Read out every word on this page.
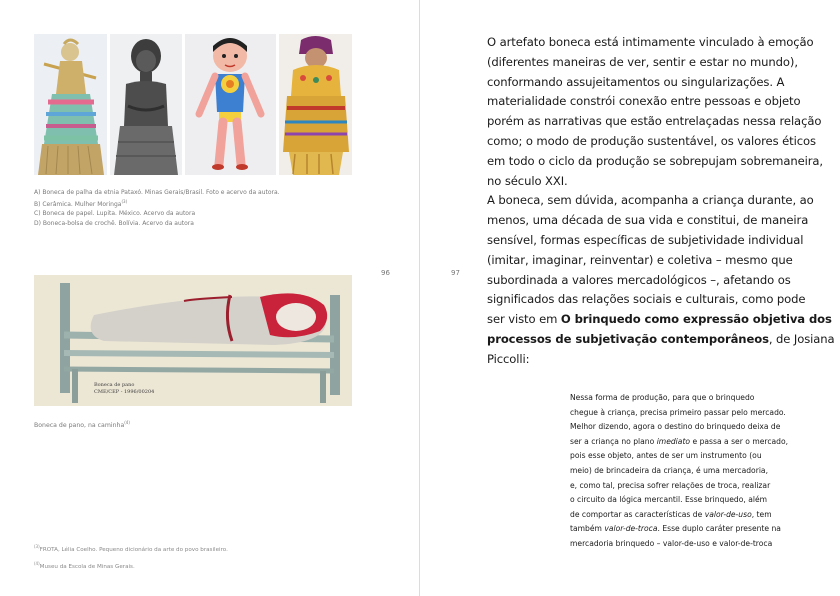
A) Boneca de palha da etnia Pataxó. Minas Gerais/Brasil. Foto e acervo da autora.
B) Cerâmica. Mulher Moringa$^{(3)}$
C) Boneca de papel. Lupita. México. Acervo da autora
D) Boneca-bolsa de crochê. Bolívia. Acervo da autora
Boneca de pano
CME/CEP - 1996/00204
Boneca de pano, na caminha$^{(4)}$
96	97
$^{(3)}$FROTA, Lélia Coelho. Pequeno dicionário da arte do povo brasileiro.
$^{(4)}$Museu da Escola de Minas Gerais.
O artefato boneca está intimamente vinculado à emoção
(diferentes maneiras de ver, sentir e estar no mundo),
conformando assujeitamentos ou singularizações. A
materialidade constrói conexão entre pessoas e objeto
porém as narrativas que estão entrelaçadas nessa relação
como; o modo de produção sustentável, os valores éticos
em todo o ciclo da produção se sobrepujam sobremaneira,
no século XXI.
A boneca, sem dúvida, acompanha a criança durante, ao
menos, uma década de sua vida e constitui, de maneira
sensível, formas específicas de subjetividade individual
(imitar, imaginar, reinventar) e coletiva – mesmo que
subordinada a valores mercadológicos –, afetando os
significados das relações sociais e culturais, como pode
ser visto em O brinquedo como expressão objetiva dos
processos de subjetivação contemporâneos, de Josiana
Piccolli:
Nessa forma de produção, para que o brinquedo
chegue à criança, precisa primeiro passar pelo mercado.
Melhor dizendo, agora o destino do brinquedo deixa de
ser a criança no plano imediato e passa a ser o mercado,
pois esse objeto, antes de ser um instrumento (ou
meio) de brincadeira da criança, é uma mercadoria,
e, como tal, precisa sofrer relações de troca, realizar
o circuito da lógica mercantil. Esse brinquedo, além
de comportar as características de valor-de-uso, tem
também valor-de-troca. Esse duplo caráter presente na
mercadoria brinquedo – valor-de-uso e valor-de-troca
